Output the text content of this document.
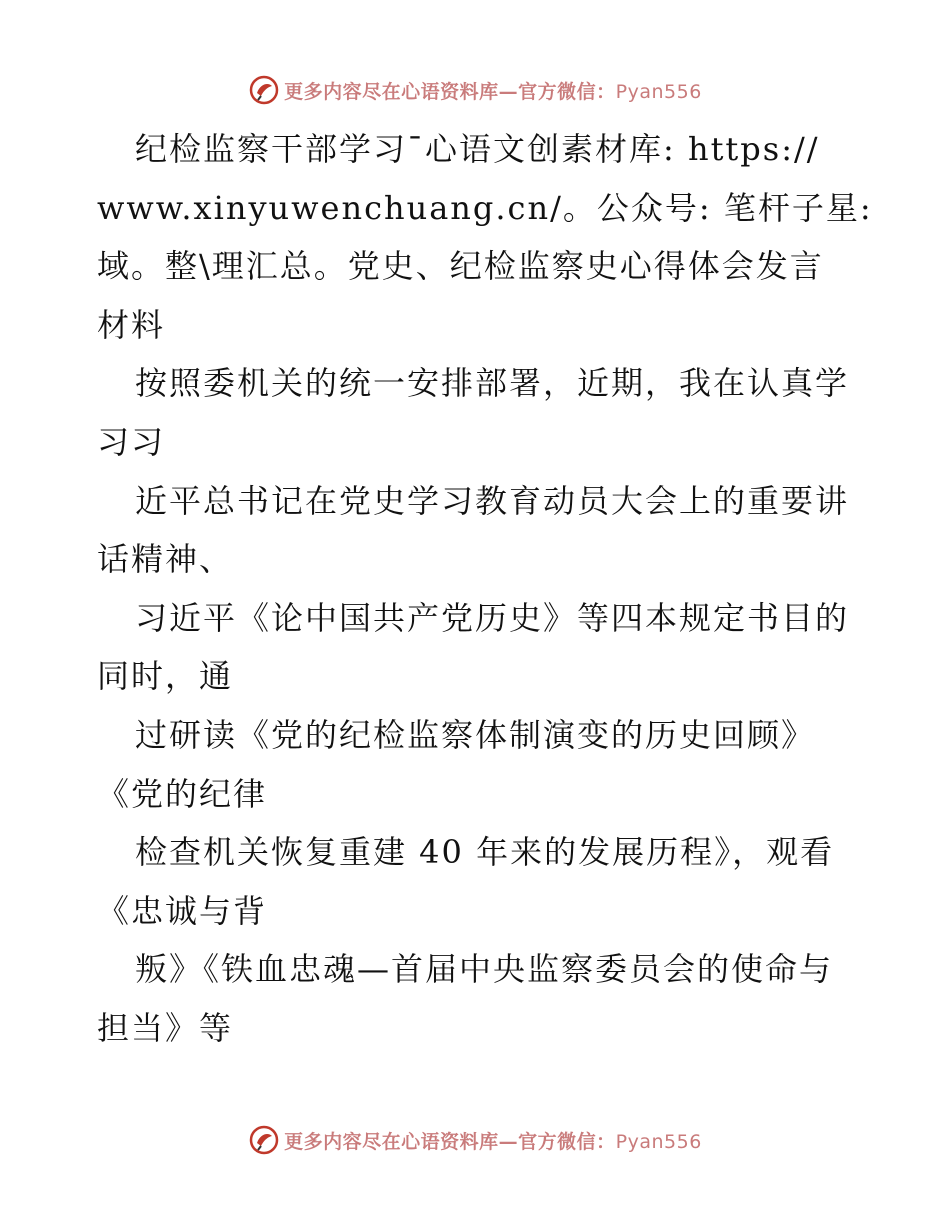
更多内容尽在心语资料库—官方微信：Pyan556
纪检监察干部学习¯心语文创素材库: https://
www.xinyuwenchuang.cn/。公众号: 笔杆子星:
域。整\理汇总。党史、纪检监察史心得体会发言
材料
按照委机关的统一安排部署，近期，我在认真学
习习
近平总书记在党史学习教育动员大会上的重要讲
话精神、
习近平《论中国共产党历史》等四本规定书目的
同时，通
过研读《党的纪检监察体制演变的历史回顾》
《党的纪律
检查机关恢复重建 40 年来的发展历程》，观看
《忠诚与背
叛》《铁血忠魂—首届中央监察委员会的使命与
担当》等
更多内容尽在心语资料库—官方微信：Pyan556
